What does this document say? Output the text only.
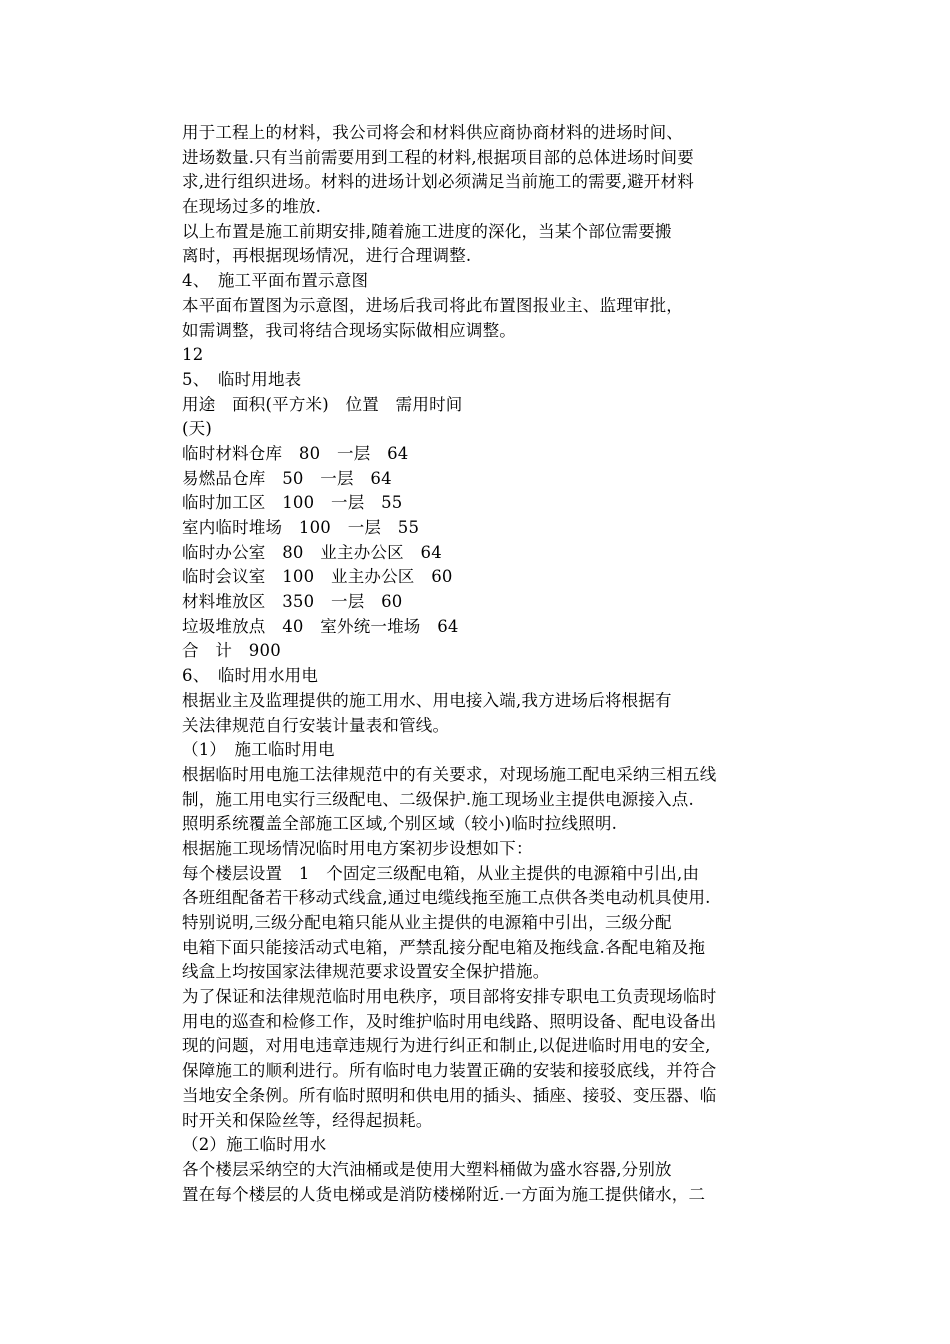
用于工程上的材料，我公司将会和材料供应商协商材料的进场时间、
进场数量.只有当前需要用到工程的材料,根据项目部的总体进场时间要
求,进行组织进场。材料的进场计划必须满足当前施工的需要,避开材料
在现场过多的堆放.
以上布置是施工前期安排,随着施工进度的深化，当某个部位需要搬
离时，再根据现场情况，进行合理调整.
4、　施工平面布置示意图
本平面布置图为示意图，进场后我司将此布置图报业主、监理审批，
如需调整，我司将结合现场实际做相应调整。
12
5、　临时用地表
用途　面积(平方米)　位置　需用时间
(天)
临时材料仓库　80　一层　64
易燃品仓库　50　一层　64
临时加工区　100　一层　55
室内临时堆场　100　一层　55
临时办公室　80　业主办公区　64
临时会议室　100　业主办公区　60
材料堆放区　350　一层　60
垃圾堆放点　40　室外统一堆场　64
合　计　900
6、　临时用水用电
根据业主及监理提供的施工用水、用电接入端,我方进场后将根据有
关法律规范自行安装计量表和管线。
（1）　施工临时用电
根据临时用电施工法律规范中的有关要求，对现场施工配电采纳三相五线
制，施工用电实行三级配电、二级保护.施工现场业主提供电源接入点.
照明系统覆盖全部施工区域,个别区域（较小)临时拉线照明.
根据施工现场情况临时用电方案初步设想如下：
每个楼层设置　1　个固定三级配电箱，从业主提供的电源箱中引出,由
各班组配备若干移动式线盒,通过电缆线拖至施工点供各类电动机具使用.
特别说明,三级分配电箱只能从业主提供的电源箱中引出，三级分配
电箱下面只能接活动式电箱，严禁乱接分配电箱及拖线盒.各配电箱及拖
线盒上均按国家法律规范要求设置安全保护措施。
为了保证和法律规范临时用电秩序，项目部将安排专职电工负责现场临时
用电的巡查和检修工作，及时维护临时用电线路、照明设备、配电设备出
现的问题，对用电违章违规行为进行纠正和制止,以促进临时用电的安全,
保障施工的顺利进行。所有临时电力装置正确的安装和接驳底线，并符合
当地安全条例。所有临时照明和供电用的插头、插座、接驳、变压器、临
时开关和保险丝等，经得起损耗。
（2）施工临时用水
各个楼层采纳空的大汽油桶或是使用大塑料桶做为盛水容器,分别放
置在每个楼层的人货电梯或是消防楼梯附近.一方面为施工提供储水，二
